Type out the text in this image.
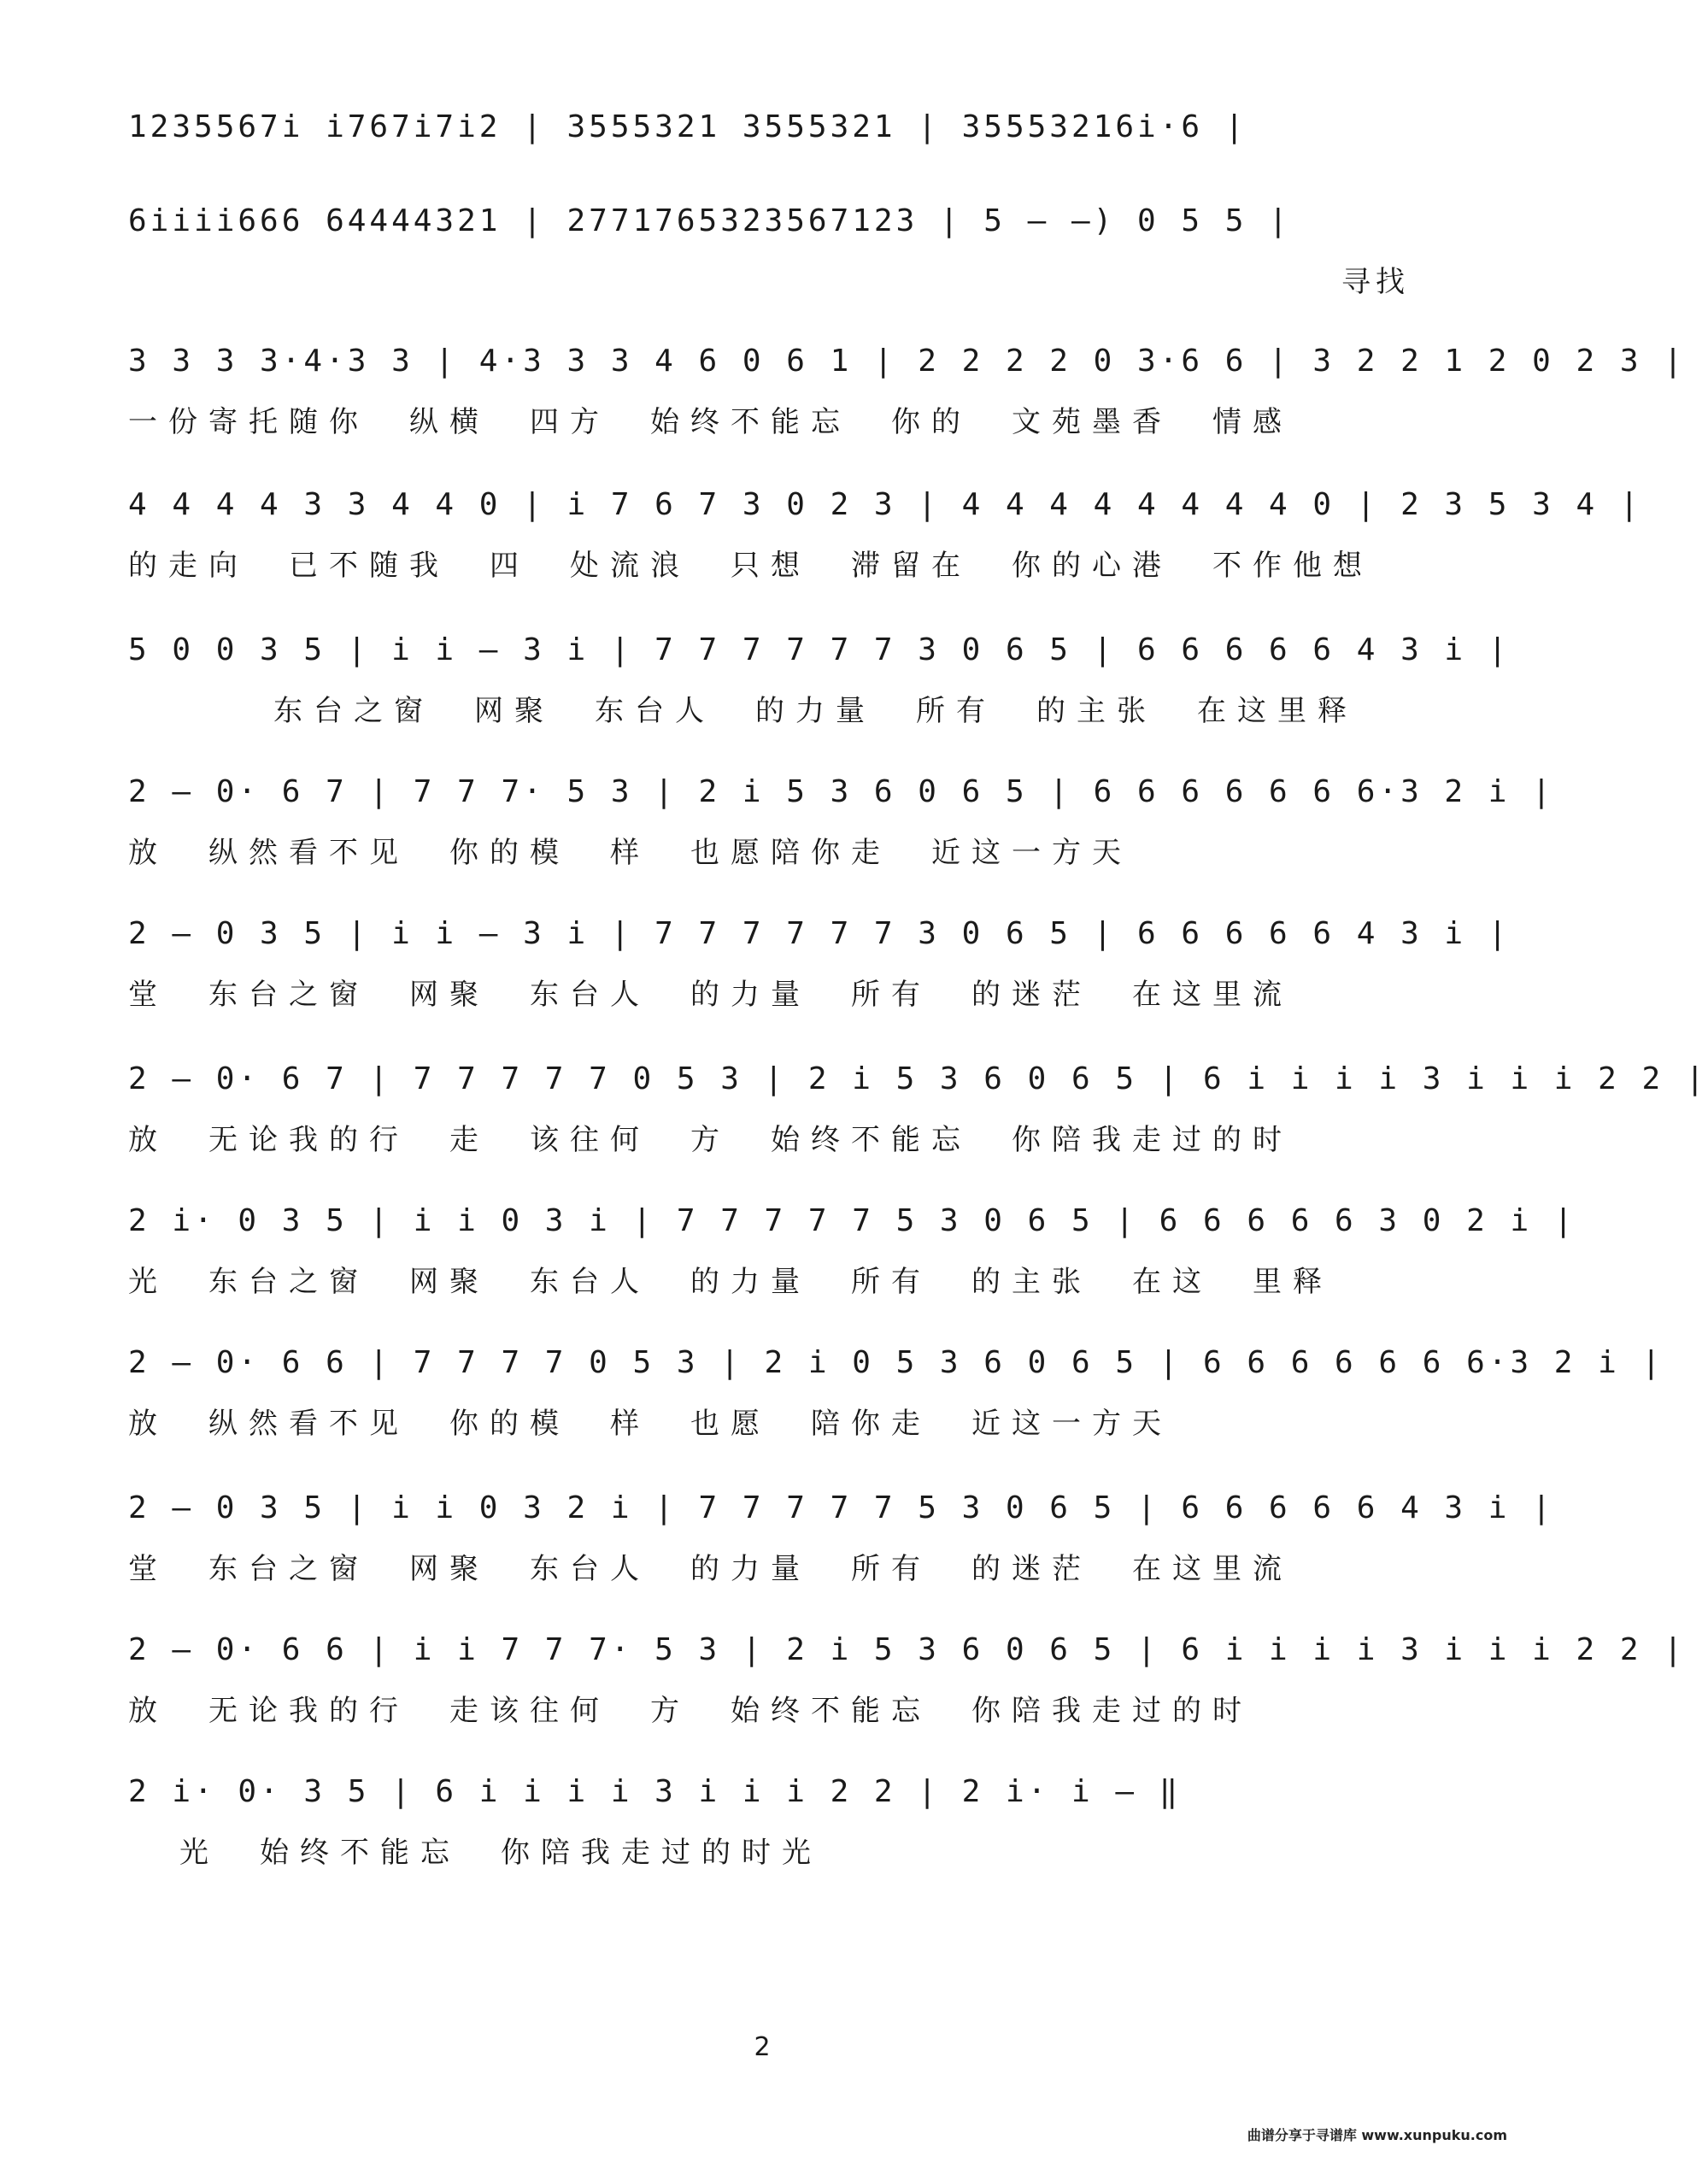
1235567i i767i7i2 | 3555321 3555321 | 35553216i·6 |
6iiii666 64444321 | 2771765323567123 | 5 – –) 0 5 5 |
寻找
3 3 3 3·4·3 3 | 4·3 3 3 4 6 0 6 1 | 2 2 2 2 0 3·6 6 | 3 2 2 1 2 0 2 3 |
一份寄托随你　纵横　四方　始终不能忘　你的　文苑墨香　情感
4 4 4 4 3 3 4 4 0 | i 7 6 7 3 0 2 3 | 4 4 4 4 4 4 4 4 0 | 2 3 5 3 4 |
的走向　已不随我　四　处流浪　只想　滞留在　你的心港　不作他想
5 0 0 3 5 | i i – 3 i | 7 7 7 7 7 7 3 0 6 5 | 6 6 6 6 6 4 3 i |
东台之窗　网聚　东台人　的力量　所有　的主张　在这里释
2 – 0· 6 7 | 7 7 7· 5 3 | 2 i 5 3 6 0 6 5 | 6 6 6 6 6 6 6·3 2 i |
放　纵然看不见　你的模　样　也愿陪你走　近这一方天
2 – 0 3 5 | i i – 3 i | 7 7 7 7 7 7 3 0 6 5 | 6 6 6 6 6 4 3 i |
堂　东台之窗　网聚　东台人　的力量　所有　的迷茫　在这里流
2 – 0· 6 7 | 7 7 7 7 7 0 5 3 | 2 i 5 3 6 0 6 5 | 6 i i i i 3 i i i 2 2 |
放　无论我的行　走　该往何　方　始终不能忘　你陪我走过的时
2 i· 0 3 5 | i i 0 3 i | 7 7 7 7 7 5 3 0 6 5 | 6 6 6 6 6 3 0 2 i |
光　东台之窗　网聚　东台人　的力量　所有　的主张　在这　里释
2 – 0· 6 6 | 7 7 7 7 0 5 3 | 2 i 0 5 3 6 0 6 5 | 6 6 6 6 6 6 6·3 2 i |
放　纵然看不见　你的模　样　也愿　陪你走　近这一方天
2 – 0 3 5 | i i 0 3 2 i | 7 7 7 7 7 5 3 0 6 5 | 6 6 6 6 6 4 3 i |
堂　东台之窗　网聚　东台人　的力量　所有　的迷茫　在这里流
2 – 0· 6 6 | i i 7 7 7· 5 3 | 2 i 5 3 6 0 6 5 | 6 i i i i 3 i i i 2 2 |
放　无论我的行　走该往何　方　始终不能忘　你陪我走过的时
2 i· 0· 3 5 | 6 i i i i 3 i i i 2 2 | 2 i· i – ‖
光　始终不能忘　你陪我走过的时光
2
曲谱分享于寻谱库 www.xunpuku.com
